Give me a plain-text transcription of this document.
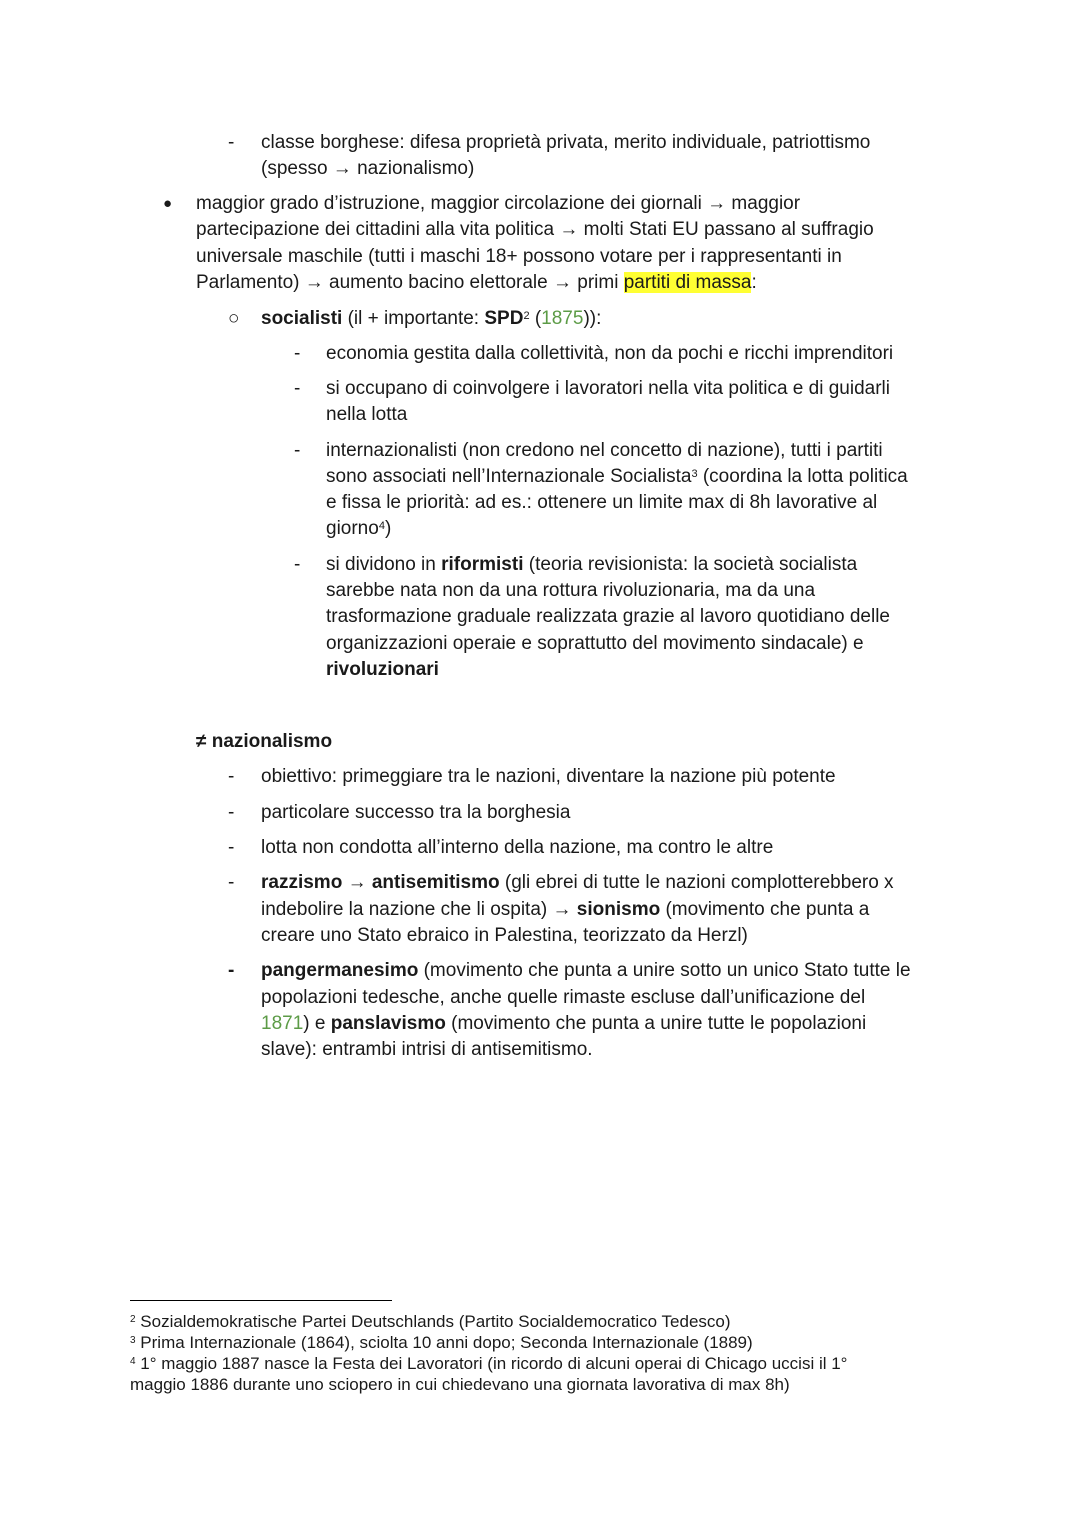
- classe borghese: difesa proprietà privata, merito individuale, patriottismo
(spesso → nazionalismo)
● maggior grado d’istruzione, maggior circolazione dei giornali → maggior
partecipazione dei cittadini alla vita politica → molti Stati EU passano al suffragio
universale maschile (tutti i maschi 18+ possono votare per i rappresentanti in
Parlamento) → aumento bacino elettorale → primi partiti di massa:
○ socialisti (il + importante: SPD$^2$ (1875)):
- economia gestita dalla collettività, non da pochi e ricchi imprenditori
- si occupano di coinvolgere i lavoratori nella vita politica e di guidarli
nella lotta
- internazionalisti (non credono nel concetto di nazione), tutti i partiti
sono associati nell’Internazionale Socialista$^3$ (coordina la lotta politica
e fissa le priorità: ad es.: ottenere un limite max di 8h lavorative al
giorno$^4$)
- si dividono in riformisti (teoria revisionista: la società socialista
sarebbe nata non da una rottura rivoluzionaria, ma da una
trasformazione graduale realizzata grazie al lavoro quotidiano delle
organizzazioni operaie e soprattutto del movimento sindacale) e
rivoluzionari
≠ nazionalismo
- obiettivo: primeggiare tra le nazioni, diventare la nazione più potente
- particolare successo tra la borghesia
- lotta non condotta all’interno della nazione, ma contro le altre
- razzismo → antisemitismo (gli ebrei di tutte le nazioni complotterebbero x
indebolire la nazione che li ospita) → sionismo (movimento che punta a
creare uno Stato ebraico in Palestina, teorizzato da Herzl)
- pangermanesimo (movimento che punta a unire sotto un unico Stato tutte le
popolazioni tedesche, anche quelle rimaste escluse dall’unificazione del
1871) e panslavismo (movimento che punta a unire tutte le popolazioni
slave): entrambi intrisi di antisemitismo.
$^2$ Sozialdemokratische Partei Deutschlands (Partito Socialdemocratico Tedesco)
$^3$ Prima Internazionale (1864), sciolta 10 anni dopo; Seconda Internazionale (1889)
$^4$ 1° maggio 1887 nasce la Festa dei Lavoratori (in ricordo di alcuni operai di Chicago uccisi il 1°
maggio 1886 durante uno sciopero in cui chiedevano una giornata lavorativa di max 8h)
